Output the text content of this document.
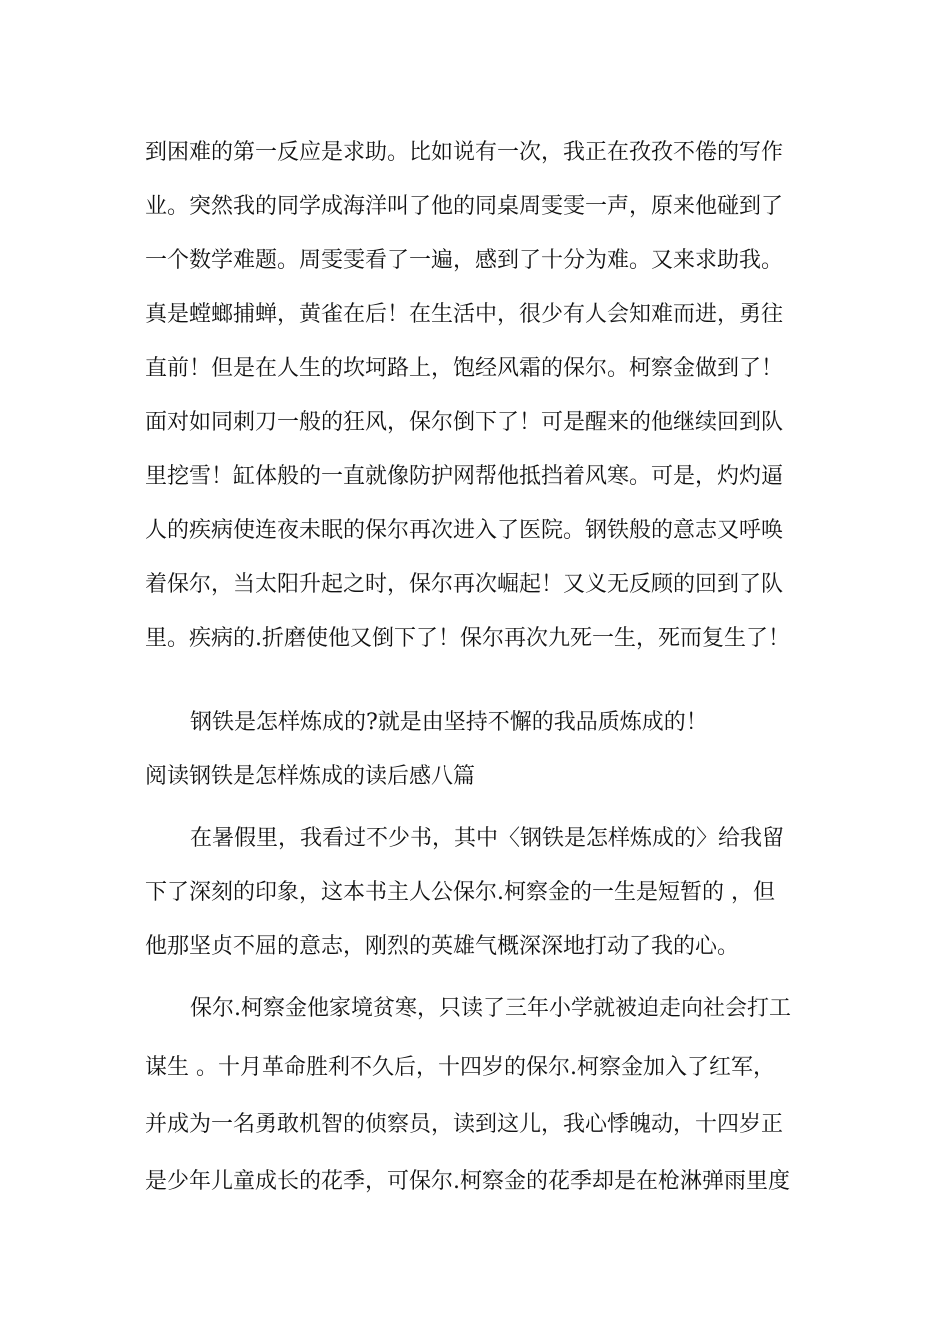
到困难的第一反应是求助。比如说有一次，我正在孜孜不倦的写作
业。突然我的同学成海洋叫了他的同桌周雯雯一声，原来他碰到了
一个数学难题。周雯雯看了一遍，感到了十分为难。又来求助我。
真是螳螂捕蝉，黄雀在后！在生活中，很少有人会知难而进，勇往
直前！但是在人生的坎坷路上，饱经风霜的保尔。柯察金做到了！
面对如同刺刀一般的狂风，保尔倒下了！可是醒来的他继续回到队
里挖雪！缸体般的一直就像防护网帮他抵挡着风寒。可是，灼灼逼
人的疾病使连夜未眠的保尔再次进入了医院。钢铁般的意志又呼唤
着保尔，当太阳升起之时，保尔再次崛起！又义无反顾的回到了队
里。疾病的.折磨使他又倒下了！保尔再次九死一生，死而复生了！
钢铁是怎样炼成的?就是由坚持不懈的我品质炼成的！
阅读钢铁是怎样炼成的读后感八篇
在暑假里，我看过不少书，其中〈钢铁是怎样炼成的〉给我留
下了深刻的印象，这本书主人公保尔.柯察金的一生是短暂的 ，但
他那坚贞不屈的意志，刚烈的英雄气概深深地打动了我的心。
保尔.柯察金他家境贫寒，只读了三年小学就被迫走向社会打工
谋生 。十月革命胜利不久后，十四岁的保尔.柯察金加入了红军，
并成为一名勇敢机智的侦察员，读到这儿，我心悸魄动，十四岁正
是少年儿童成长的花季，可保尔.柯察金的花季却是在枪淋弹雨里度
